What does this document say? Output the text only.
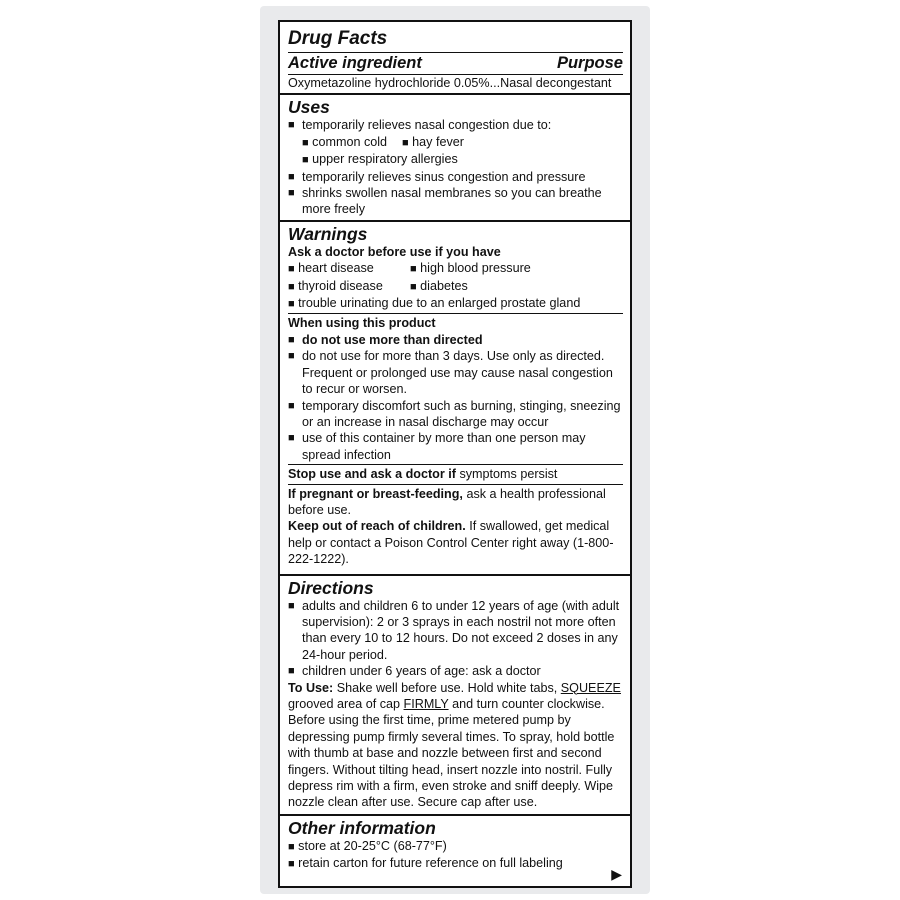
Drug Facts
Active ingredient	Purpose
Oxymetazoline hydrochloride 0.05%...Nasal decongestant
Uses
■ temporarily relieves nasal congestion due to:
■ common cold	■ hay fever
■ upper respiratory allergies
■ temporarily relieves sinus congestion and pressure
■ shrinks swollen nasal membranes so you can breathe more freely
Warnings
Ask a doctor before use if you have
■ heart disease	■ high blood pressure
■ thyroid disease	■ diabetes
■ trouble urinating due to an enlarged prostate gland
When using this product
■ do not use more than directed
■ do not use for more than 3 days. Use only as directed. Frequent or prolonged use may cause nasal congestion to recur or worsen.
■ temporary discomfort such as burning, stinging, sneezing or an increase in nasal discharge may occur
■ use of this container by more than one person may spread infection
Stop use and ask a doctor if symptoms persist
If pregnant or breast-feeding, ask a health professional before use.
Keep out of reach of children. If swallowed, get medical help or contact a Poison Control Center right away (1-800-222-1222).
Directions
■ adults and children 6 to under 12 years of age (with adult supervision): 2 or 3 sprays in each nostril not more often than every 10 to 12 hours. Do not exceed 2 doses in any 24-hour period.
■ children under 6 years of age: ask a doctor
To Use: Shake well before use. Hold white tabs, SQUEEZE grooved area of cap FIRMLY and turn counter clockwise. Before using the first time, prime metered pump by depressing pump firmly several times. To spray, hold bottle with thumb at base and nozzle between first and second fingers. Without tilting head, insert nozzle into nostril. Fully depress rim with a firm, even stroke and sniff deeply. Wipe nozzle clean after use. Secure cap after use.
Other information
■ store at 20-25°C (68-77°F)
■ retain carton for future reference on full labeling
▶
